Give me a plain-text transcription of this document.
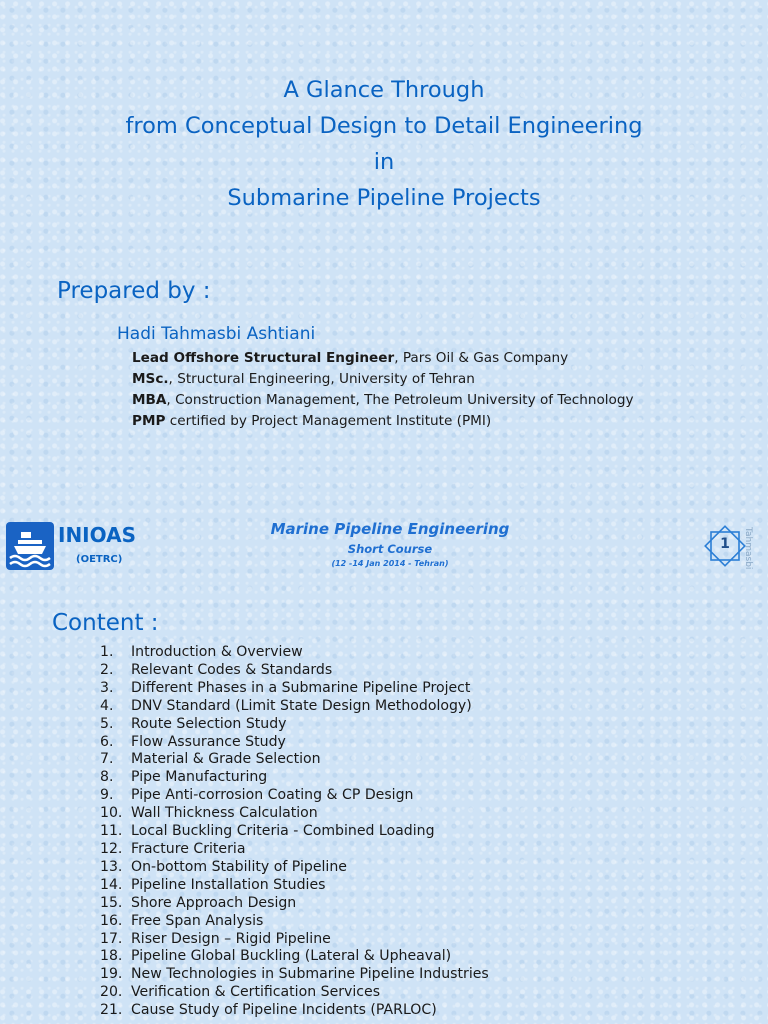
A Glance Through
from Conceptual Design to Detail Engineering
in
Submarine Pipeline Projects
Prepared by :
Hadi Tahmasbi Ashtiani
Lead Offshore Structural Engineer, Pars Oil & Gas Company
MSc., Structural Engineering, University of Tehran
MBA, Construction Management, The Petroleum University of Technology
PMP certified by Project Management Institute (PMI)
INIOAS
(OETRC)
Marine Pipeline Engineering
Short Course
(12 -14 Jan 2014 - Tehran)
1	Tahmasbi
Content :
1.	Introduction & Overview
2.	Relevant Codes & Standards
3.	Different Phases in a Submarine Pipeline Project
4.	DNV Standard (Limit State Design Methodology)
5.	Route Selection Study
6.	Flow Assurance Study
7.	Material & Grade Selection
8.	Pipe Manufacturing
9.	Pipe Anti-corrosion Coating & CP Design
10. Wall Thickness Calculation
11. Local Buckling Criteria - Combined Loading
12. Fracture Criteria
13. On-bottom Stability of Pipeline
14. Pipeline Installation Studies
15. Shore Approach Design
16. Free Span Analysis
17. Riser Design – Rigid Pipeline
18. Pipeline Global Buckling (Lateral & Upheaval)
19. New Technologies in Submarine Pipeline Industries
20. Verification & Certification Services
21. Cause Study of Pipeline Incidents (PARLOC)
